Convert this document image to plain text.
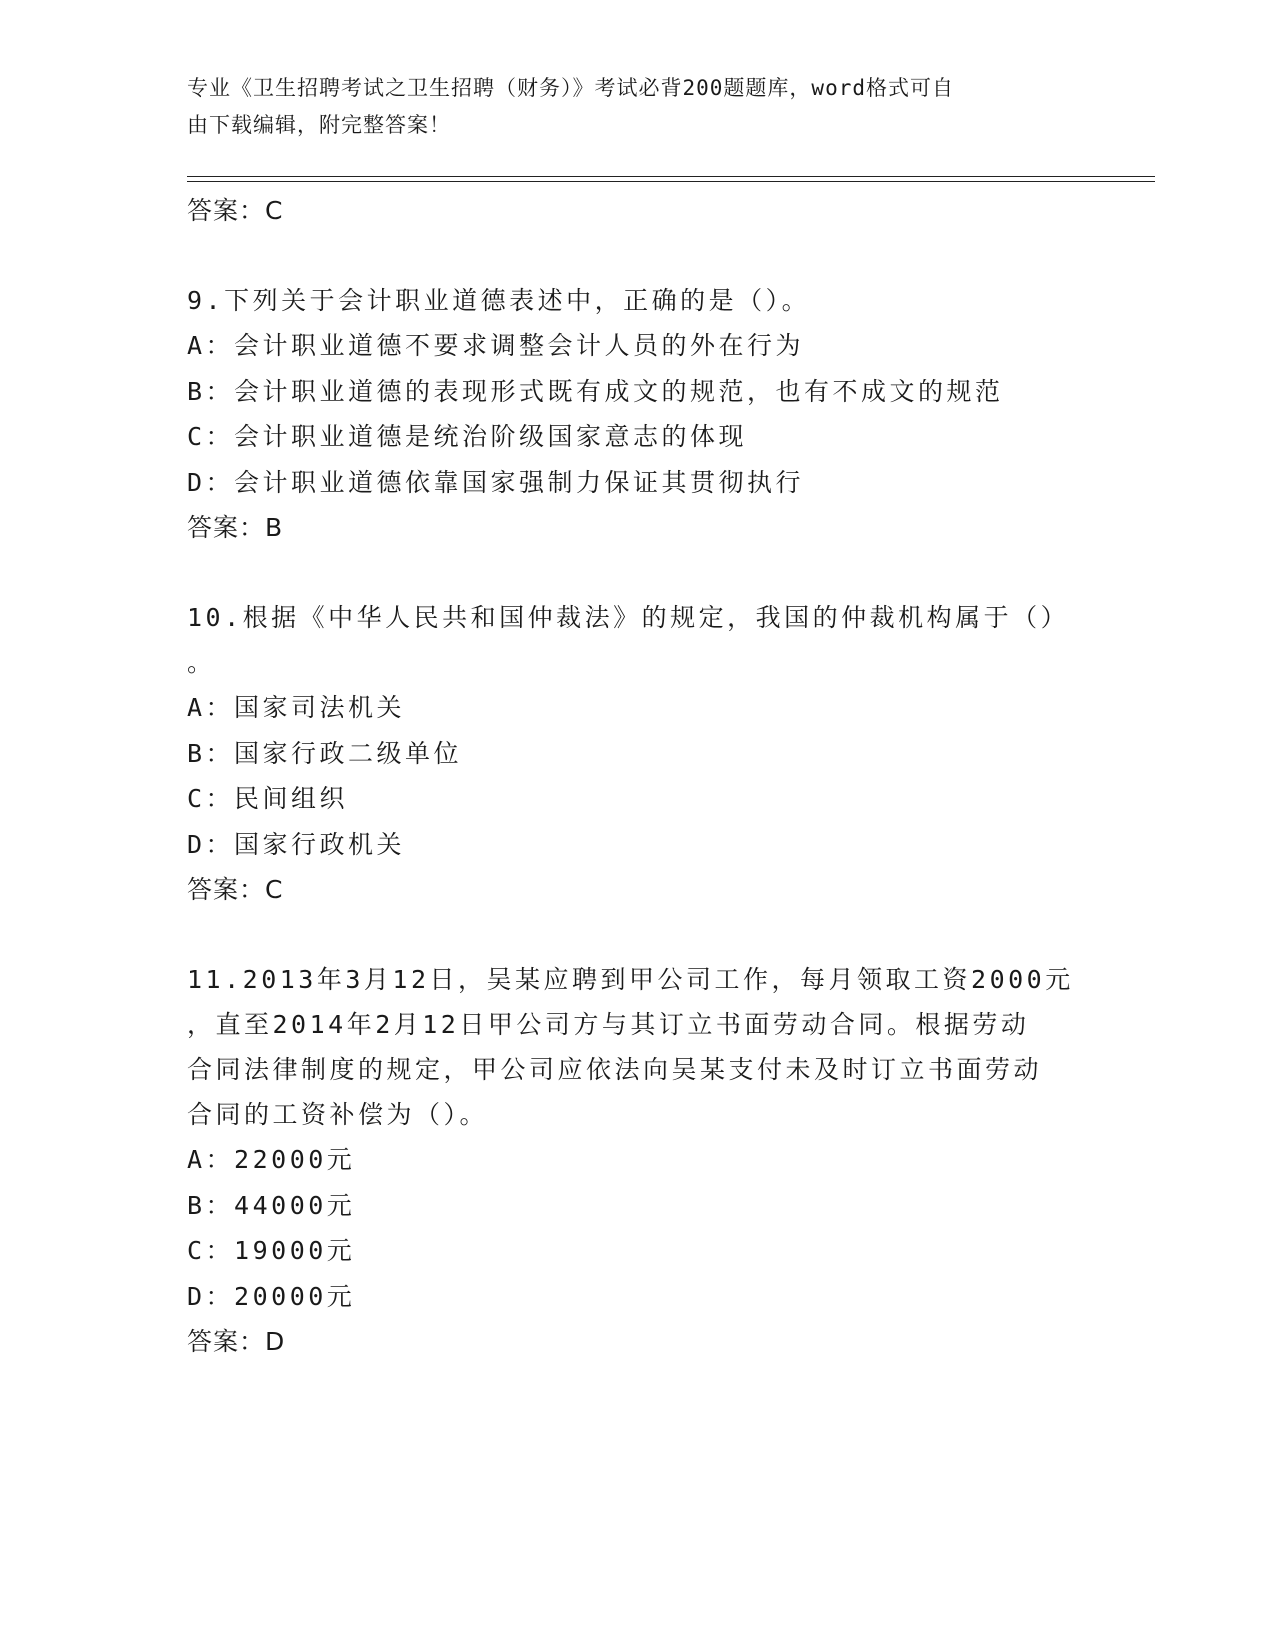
专业《卫生招聘考试之卫生招聘（财务）》考试必背200题题库，word格式可自
由下载编辑，附完整答案！
答案：C
9.下列关于会计职业道德表述中，正确的是（）。
A：会计职业道德不要求调整会计人员的外在行为
B：会计职业道德的表现形式既有成文的规范，也有不成文的规范
C：会计职业道德是统治阶级国家意志的体现
D：会计职业道德依靠国家强制力保证其贯彻执行
答案：B
10.根据《中华人民共和国仲裁法》的规定，我国的仲裁机构属于（）
。
A：国家司法机关
B：国家行政二级单位
C：民间组织
D：国家行政机关
答案：C
11.2013年3月12日，吴某应聘到甲公司工作，每月领取工资2000元
，直至2014年2月12日甲公司方与其订立书面劳动合同。根据劳动
合同法律制度的规定，甲公司应依法向吴某支付未及时订立书面劳动
合同的工资补偿为（）。
A：22000元
B：44000元
C：19000元
D：20000元
答案：D
